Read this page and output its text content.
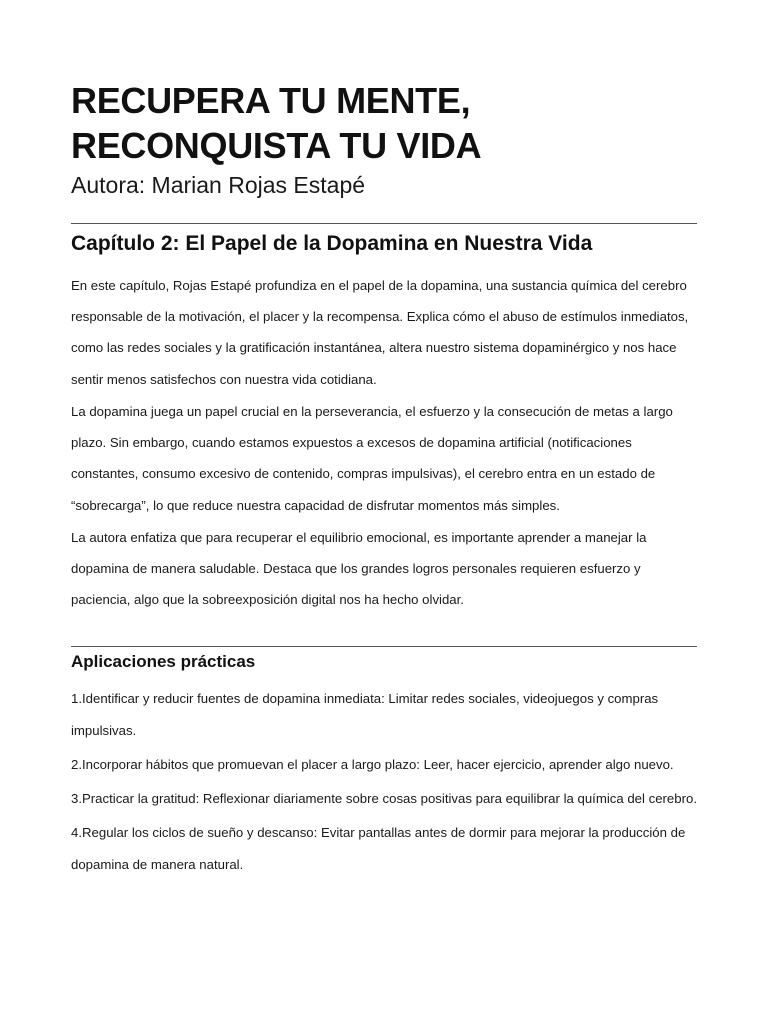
RECUPERA TU MENTE,
RECONQUISTA TU VIDA
Autora: Marian Rojas Estapé
Capítulo 2: El Papel de la Dopamina en Nuestra Vida

En este capítulo, Rojas Estapé profundiza en el papel de la dopamina, una sustancia química del cerebro responsable de la motivación, el placer y la recompensa. Explica cómo el abuso de estímulos inmediatos, como las redes sociales y la gratificación instantánea, altera nuestro sistema dopaminérgico y nos hace sentir menos satisfechos con nuestra vida cotidiana.

La dopamina juega un papel crucial en la perseverancia, el esfuerzo y la consecución de metas a largo plazo. Sin embargo, cuando estamos expuestos a excesos de dopamina artificial (notificaciones constantes, consumo excesivo de contenido, compras impulsivas), el cerebro entra en un estado de “sobrecarga”, lo que reduce nuestra capacidad de disfrutar momentos más simples.

La autora enfatiza que para recuperar el equilibrio emocional, es importante aprender a manejar la dopamina de manera saludable. Destaca que los grandes logros personales requieren esfuerzo y paciencia, algo que la sobreexposición digital nos ha hecho olvidar.

Aplicaciones prácticas
1.Identificar y reducir fuentes de dopamina inmediata: Limitar redes sociales, videojuegos y compras impulsivas.
2.Incorporar hábitos que promuevan el placer a largo plazo: Leer, hacer ejercicio, aprender algo nuevo.
3.Practicar la gratitud: Reflexionar diariamente sobre cosas positivas para equilibrar la química del cerebro.
4.Regular los ciclos de sueño y descanso: Evitar pantallas antes de dormir para mejorar la producción de dopamina de manera natural.
